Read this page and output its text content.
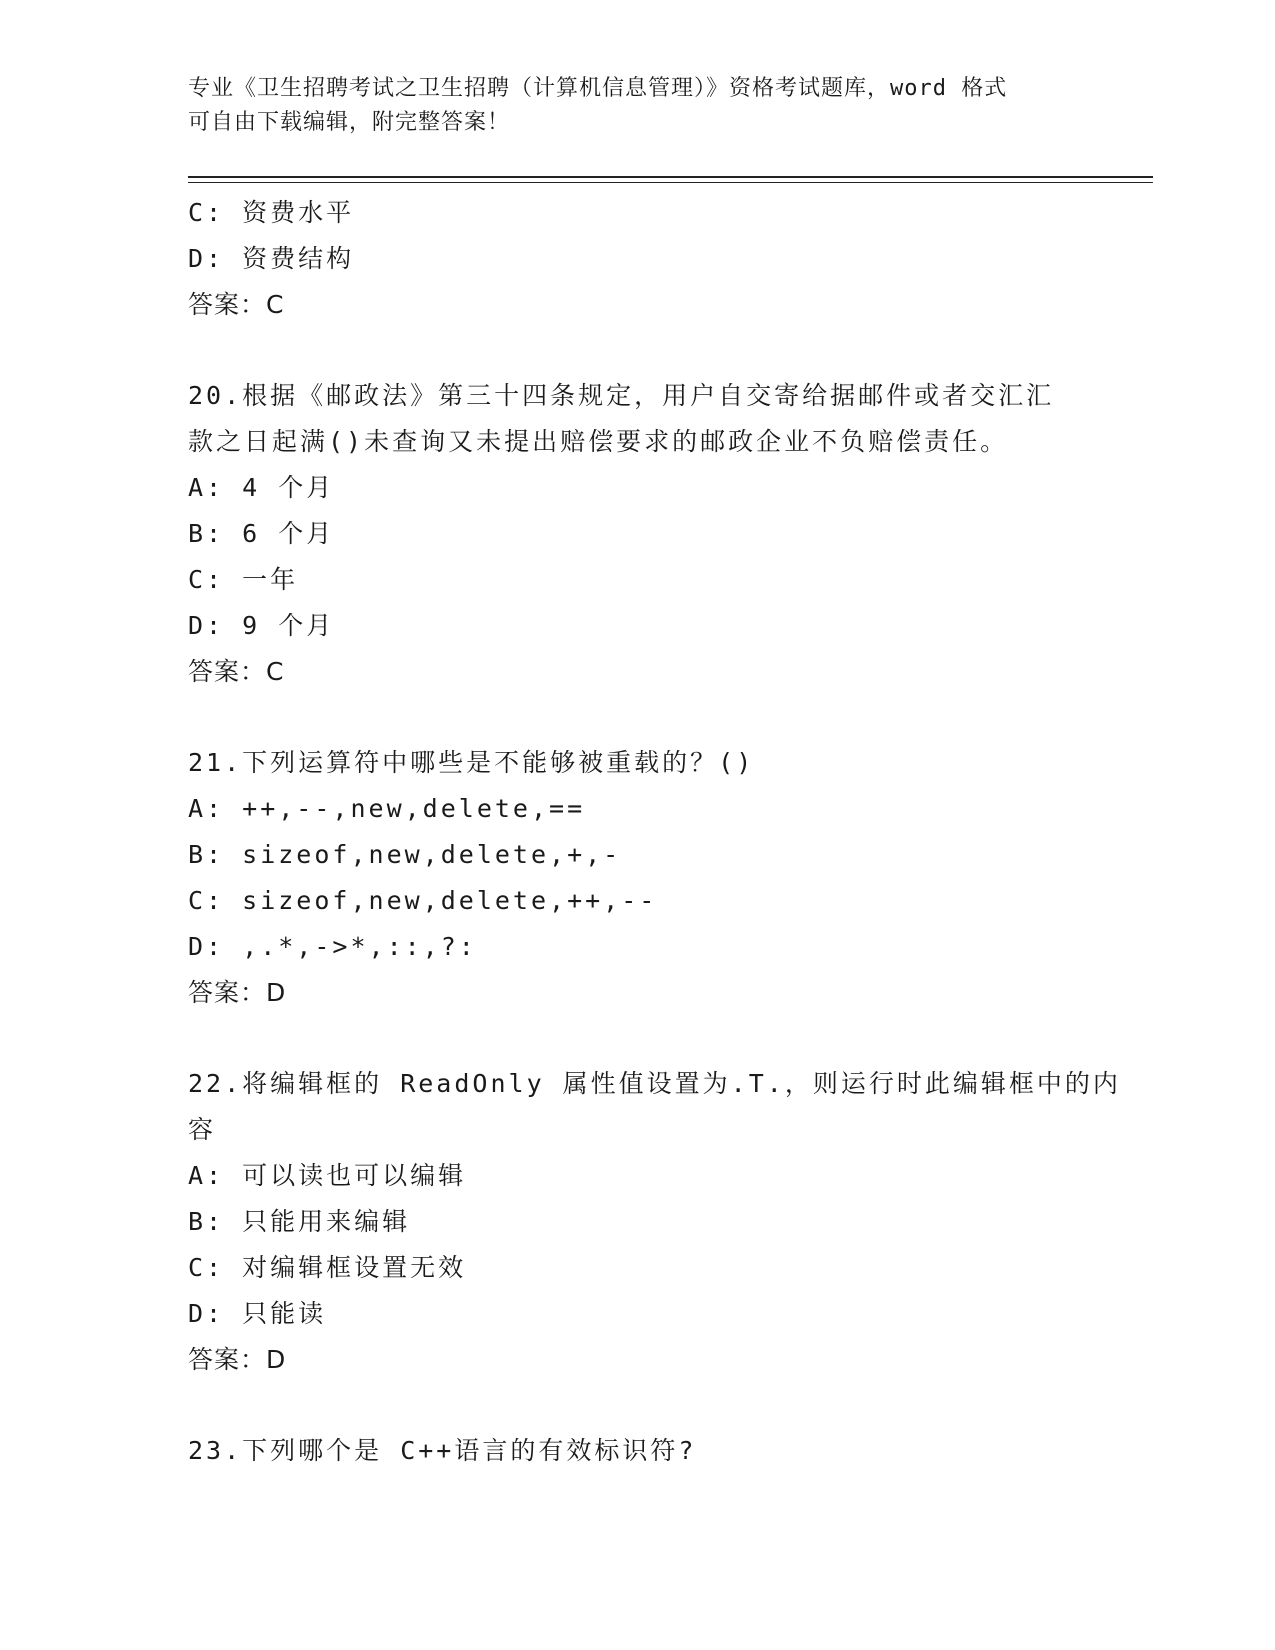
专业《卫生招聘考试之卫生招聘（计算机信息管理）》资格考试题库，word 格式
可自由下载编辑，附完整答案！
C: 资费水平
D: 资费结构
答案：C
20.根据《邮政法》第三十四条规定，用户自交寄给据邮件或者交汇汇
款之日起满()未查询又未提出赔偿要求的邮政企业不负赔偿责任。
A: 4 个月
B: 6 个月
C: 一年
D: 9 个月
答案：C
21.下列运算符中哪些是不能够被重载的？()
A: ++,--,new,delete,==
B: sizeof,new,delete,+,-
C: sizeof,new,delete,++,--
D: ,.*,->*,::,?:
答案：D
22.将编辑框的 ReadOnly 属性值设置为.T.，则运行时此编辑框中的内
容
A: 可以读也可以编辑
B: 只能用来编辑
C: 对编辑框设置无效
D: 只能读
答案：D
23.下列哪个是 C++语言的有效标识符?
